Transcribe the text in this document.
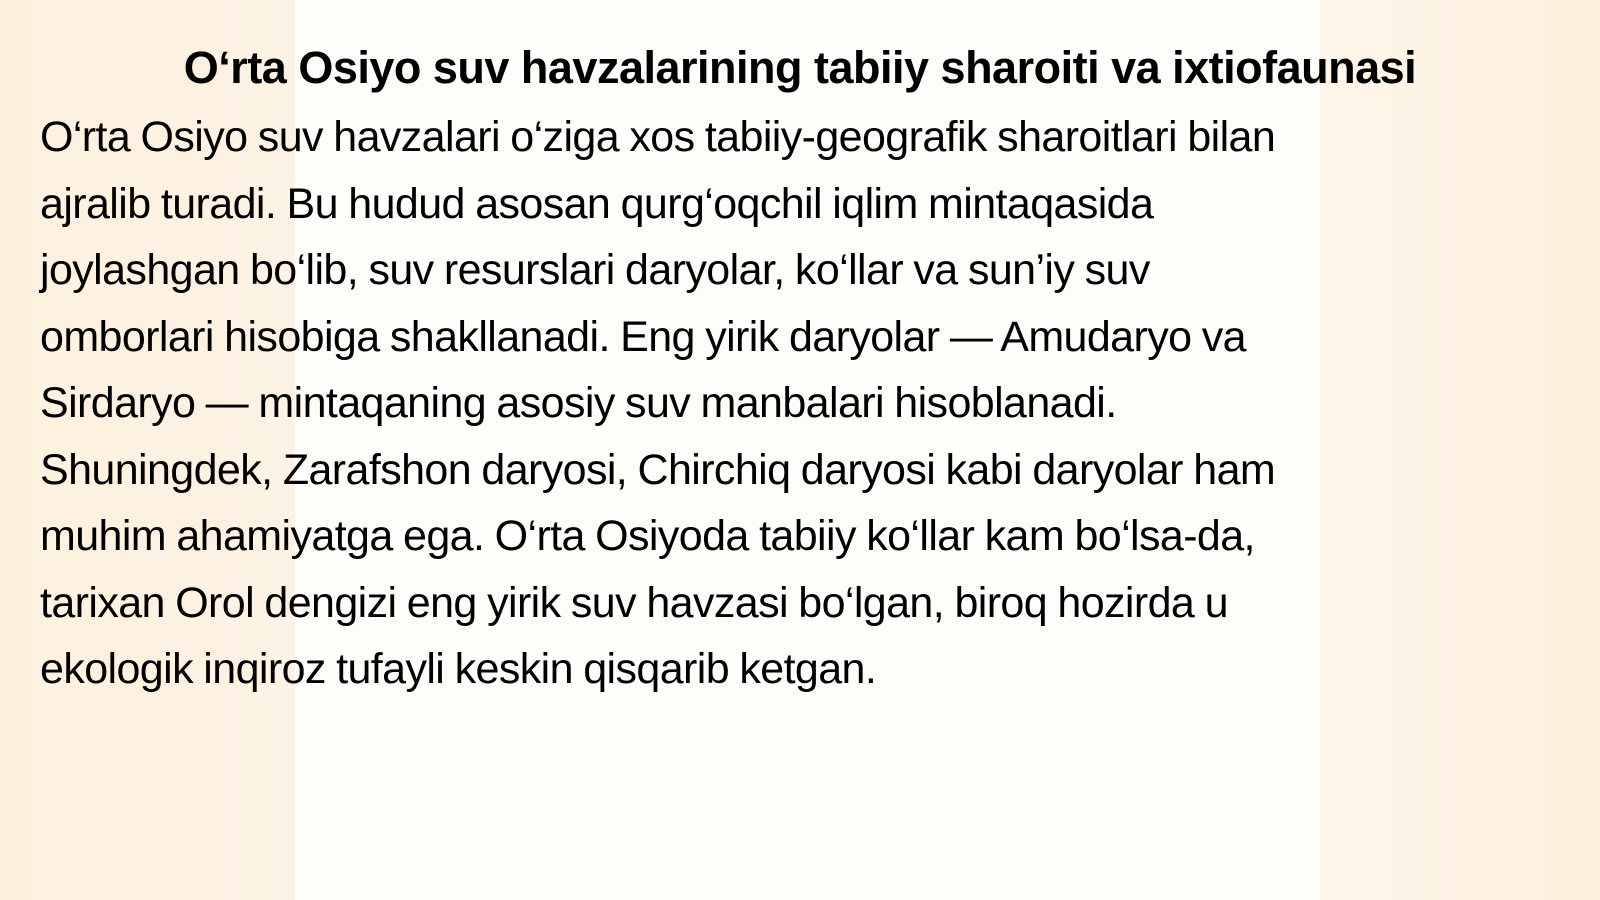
O‘rta Osiyo suv havzalarining tabiiy sharoiti va ixtiofaunasi

O‘rta Osiyo suv havzalari o‘ziga xos tabiiy-geografik sharoitlari bilan
ajralib turadi. Bu hudud asosan qurg‘oqchil iqlim mintaqasida
joylashgan bo‘lib, suv resurslari daryolar, ko‘llar va sun’iy suv
omborlari hisobiga shakllanadi. Eng yirik daryolar — Amudaryo va
Sirdaryo — mintaqaning asosiy suv manbalari hisoblanadi.
Shuningdek, Zarafshon daryosi, Chirchiq daryosi kabi daryolar ham
muhim ahamiyatga ega. O‘rta Osiyoda tabiiy ko‘llar kam bo‘lsa-da,
tarixan Orol dengizi eng yirik suv havzasi bo‘lgan, biroq hozirda u
ekologik inqiroz tufayli keskin qisqarib ketgan.
